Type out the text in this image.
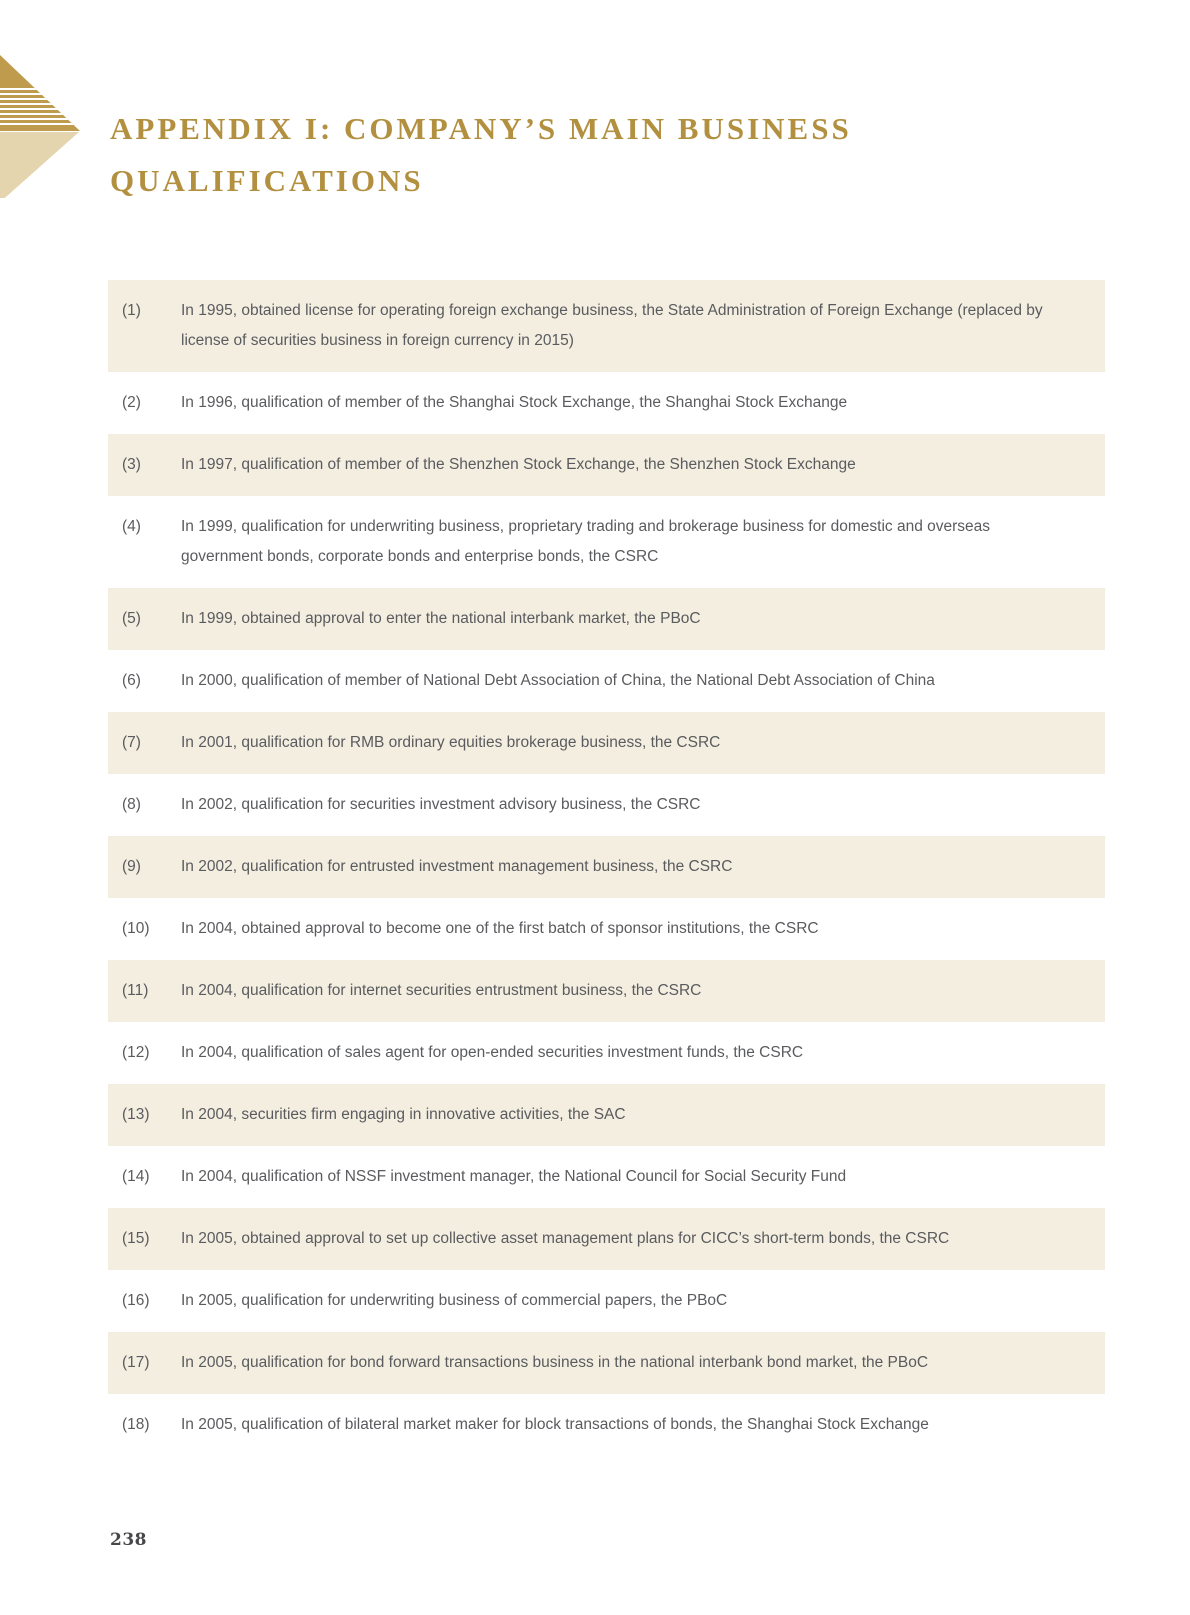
APPENDIX I: COMPANY’S MAIN BUSINESS QUALIFICATIONS
(1)	In 1995, obtained license for operating foreign exchange business, the State Administration of Foreign Exchange (replaced by license of securities business in foreign currency in 2015)
(2)	In 1996, qualification of member of the Shanghai Stock Exchange, the Shanghai Stock Exchange
(3)	In 1997, qualification of member of the Shenzhen Stock Exchange, the Shenzhen Stock Exchange
(4)	In 1999, qualification for underwriting business, proprietary trading and brokerage business for domestic and overseas government bonds, corporate bonds and enterprise bonds, the CSRC
(5)	In 1999, obtained approval to enter the national interbank market, the PBoC
(6)	In 2000, qualification of member of National Debt Association of China, the National Debt Association of China
(7)	In 2001, qualification for RMB ordinary equities brokerage business, the CSRC
(8)	In 2002, qualification for securities investment advisory business, the CSRC
(9)	In 2002, qualification for entrusted investment management business, the CSRC
(10)	In 2004, obtained approval to become one of the first batch of sponsor institutions, the CSRC
(11)	In 2004, qualification for internet securities entrustment business, the CSRC
(12)	In 2004, qualification of sales agent for open-ended securities investment funds, the CSRC
(13)	In 2004, securities firm engaging in innovative activities, the SAC
(14)	In 2004, qualification of NSSF investment manager, the National Council for Social Security Fund
(15)	In 2005, obtained approval to set up collective asset management plans for CICC’s short-term bonds, the CSRC
(16)	In 2005, qualification for underwriting business of commercial papers, the PBoC
(17)	In 2005, qualification for bond forward transactions business in the national interbank bond market, the PBoC
(18)	In 2005, qualification of bilateral market maker for block transactions of bonds, the Shanghai Stock Exchange
238
